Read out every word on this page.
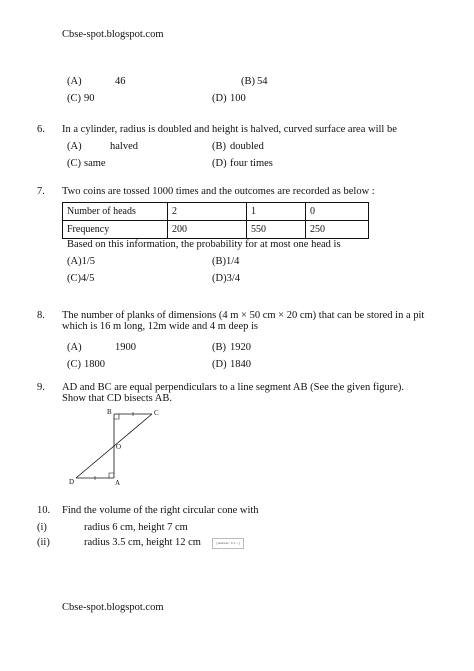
Cbse-spot.blogspot.com
(A)	46	(B) 54
(C) 90	(D) 100
6. In a cylinder, radius is doubled and height is halved, curved surface area will be
(A)	halved	(B) doubled
(C) same	(D) four times
7. Two coins are tossed 1000 times and the outcomes are recorded as below :
Number of heads	2	1	0
Frequency	200	550	250
Based on this information, the probability for at most one head is
(A)1/5	(B)1/4
(C)4/5	(D)3/4
8. The number of planks of dimensions (4 m × 50 cm × 20 cm) that can be stored in a pit
which is 16 m long, 12m wide and 4 m deep is
(A)	1900	(B) 1920
(C) 1800	(D) 1840
9. AD and BC are equal perpendiculars to a line segment AB (See the given figure).
Show that CD bisects AB.
B	C
O
D	A
10. Find the volume of the right circular cone with
(i)	radius 6 cm, height 7 cm
(ii)	radius 3.5 cm, height 12 cm	[Answer: 1/3 ...]
Cbse-spot.blogspot.com
